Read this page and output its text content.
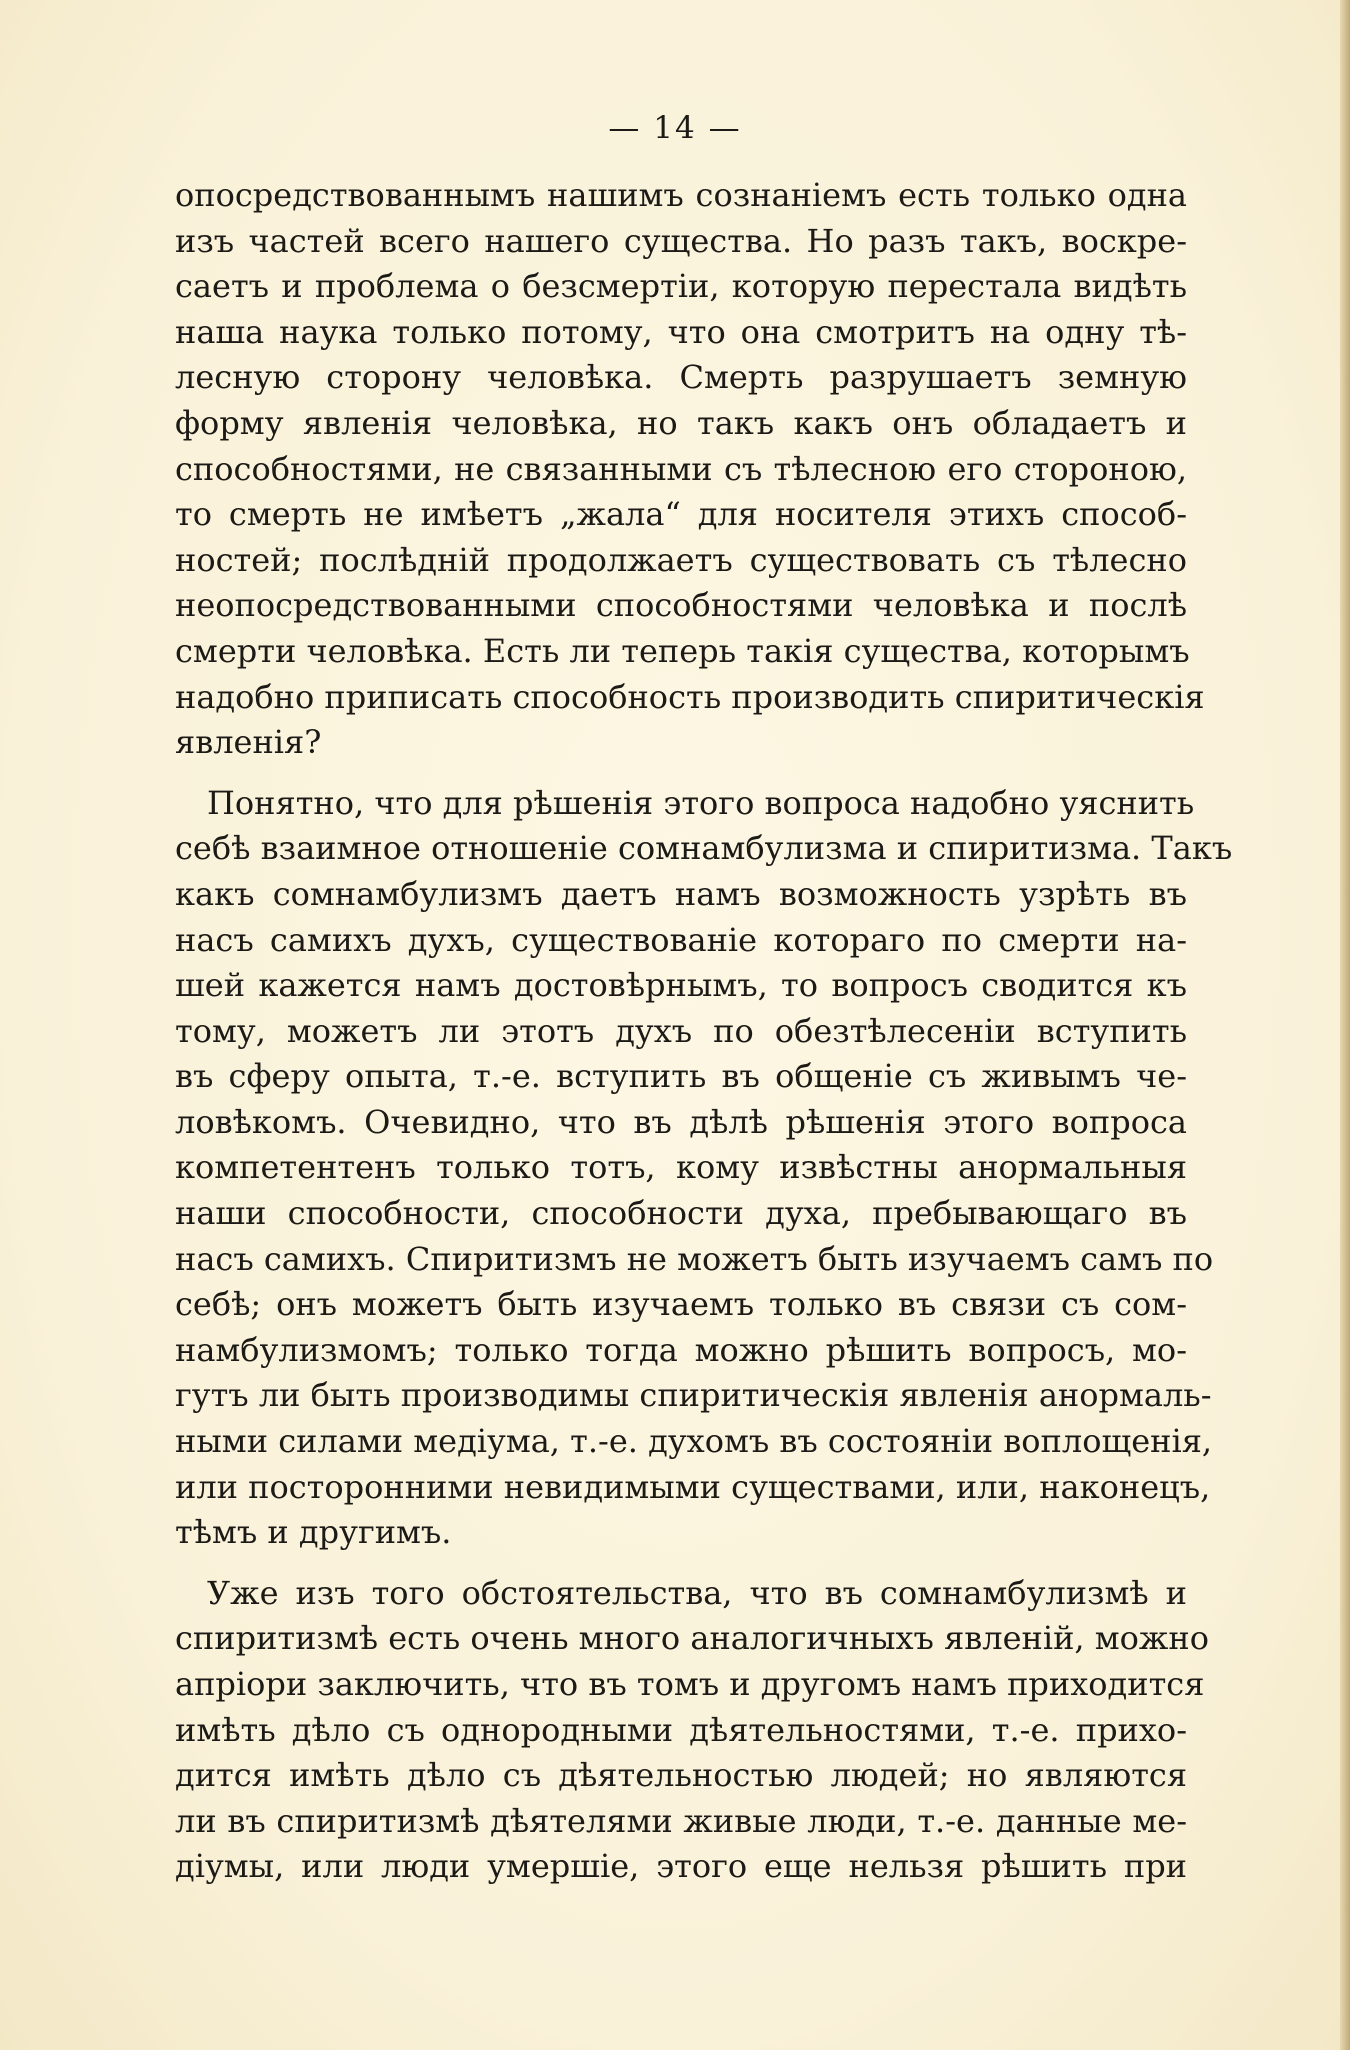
— 14 —
опосредствованнымъ нашимъ сознаніемъ есть только одна
изъ частей всего нашего существа. Но разъ такъ, воскре-
саетъ и проблема о безсмертіи, которую перестала видѣть
наша наука только потому, что она смотритъ на одну тѣ-
лесную сторону человѣка. Смерть разрушаетъ земную
форму явленія человѣка, но такъ какъ онъ обладаетъ и
способностями, не связанными съ тѣлесною его стороною,
то смерть не имѣетъ „жала“ для носителя этихъ способ-
ностей; послѣдній продолжаетъ существовать съ тѣлесно
неопосредствованными способностями человѣка и послѣ
смерти человѣка. Есть ли теперь такія существа, которымъ
надобно приписать способность производить спиритическія
явленія?
Понятно, что для рѣшенія этого вопроса надобно уяснить
себѣ взаимное отношеніе сомнамбулизма и спиритизма. Такъ
какъ сомнамбулизмъ даетъ намъ возможность узрѣть въ
насъ самихъ духъ, существованіе котораго по смерти на-
шей кажется намъ достовѣрнымъ, то вопросъ сводится къ
тому, можетъ ли этотъ духъ по обезтѣлесеніи вступить
въ сферу опыта, т.-е. вступить въ общеніе съ живымъ че-
ловѣкомъ. Очевидно, что въ дѣлѣ рѣшенія этого вопроса
компетентенъ только тотъ, кому извѣстны анормальныя
наши способности, способности духа, пребывающаго въ
насъ самихъ. Спиритизмъ не можетъ быть изучаемъ самъ по
себѣ; онъ можетъ быть изучаемъ только въ связи съ сом-
намбулизмомъ; только тогда можно рѣшить вопросъ, мо-
гутъ ли быть производимы спиритическія явленія анормаль-
ными силами медіума, т.-е. духомъ въ состояніи воплощенія,
или посторонними невидимыми существами, или, наконецъ,
тѣмъ и другимъ.
Уже изъ того обстоятельства, что въ сомнамбулизмѣ и
спиритизмѣ есть очень много аналогичныхъ явленій, можно
апріори заключить, что въ томъ и другомъ намъ приходится
имѣть дѣло съ однородными дѣятельностями, т.-е. прихо-
дится имѣть дѣло съ дѣятельностью людей; но являются
ли въ спиритизмѣ дѣятелями живые люди, т.-е. данные ме-
діумы, или люди умершіе, этого еще нельзя рѣшить при
